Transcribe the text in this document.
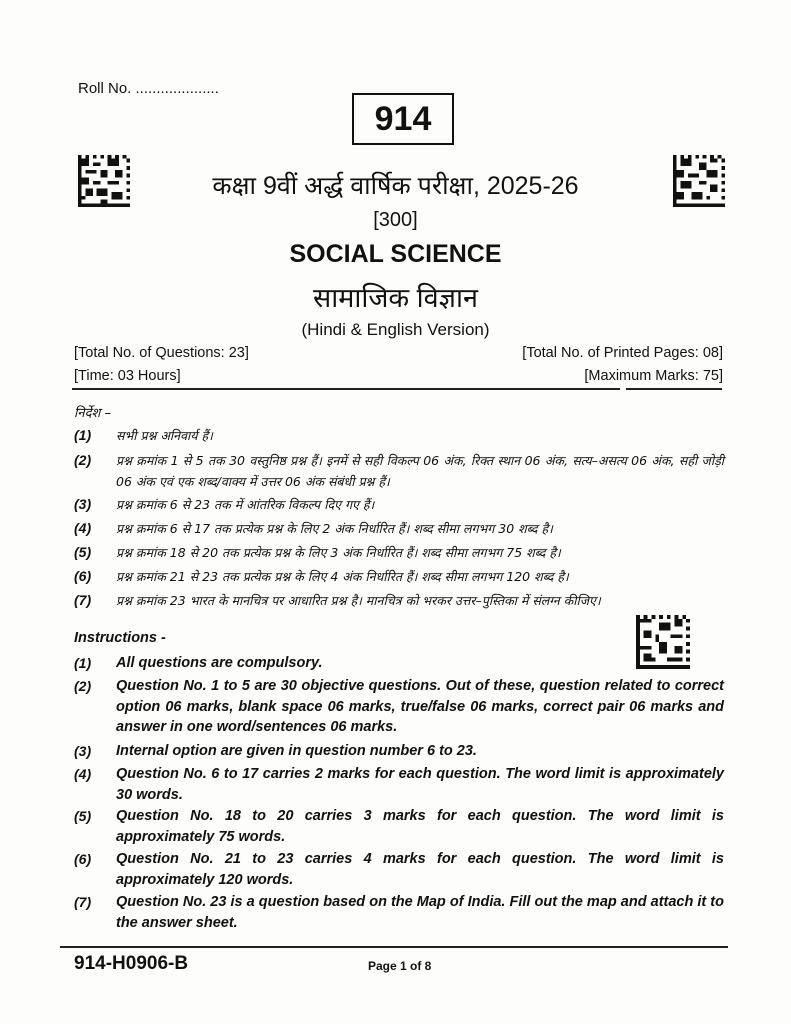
Roll No. ....................
914
कक्षा 9वीं अर्द्ध वार्षिक परीक्षा, 2025-26
[300]
SOCIAL SCIENCE
सामाजिक विज्ञान
(Hindi & English Version)
[Total No. of Questions: 23]	[Total No. of Printed Pages: 08]
[Time: 03 Hours]	[Maximum Marks: 75]
निर्देश –
(1) सभी प्रश्न अनिवार्य हैं।
(2) प्रश्न क्रमांक 1 से 5 तक 30 वस्तुनिष्ठ प्रश्न हैं। इनमें से सही विकल्प 06 अंक, रिक्त स्थान 06 अंक, सत्य–असत्य 06 अंक, सही जोड़ी 06 अंक एवं एक शब्द/वाक्य में उत्तर 06 अंक संबंधी प्रश्न हैं।
(3) प्रश्न क्रमांक 6 से 23 तक में आंतरिक विकल्प दिए गए हैं।
(4) प्रश्न क्रमांक 6 से 17 तक प्रत्येक प्रश्न के लिए 2 अंक निर्धारित हैं। शब्द सीमा लगभग 30 शब्द है।
(5) प्रश्न क्रमांक 18 से 20 तक प्रत्येक प्रश्न के लिए 3 अंक निर्धारित हैं। शब्द सीमा लगभग 75 शब्द है।
(6) प्रश्न क्रमांक 21 से 23 तक प्रत्येक प्रश्न के लिए 4 अंक निर्धारित हैं। शब्द सीमा लगभग 120 शब्द है।
(7) प्रश्न क्रमांक 23 भारत के मानचित्र पर आधारित प्रश्न है। मानचित्र को भरकर उत्तर–पुस्तिका में संलग्न कीजिए।
Instructions -
(1) All questions are compulsory.
(2) Question No. 1 to 5 are 30 objective questions. Out of these, question related to correct option 06 marks, blank space 06 marks, true/false 06 marks, correct pair 06 marks and answer in one word/sentences 06 marks.
(3) Internal option are given in question number 6 to 23.
(4) Question No. 6 to 17 carries 2 marks for each question. The word limit is approximately 30 words.
(5) Question No. 18 to 20 carries 3 marks for each question. The word limit is approximately 75 words.
(6) Question No. 21 to 23 carries 4 marks for each question. The word limit is approximately 120 words.
(7) Question No. 23 is a question based on the Map of India. Fill out the map and attach it to the answer sheet.
914-H0906-B	Page 1 of 8
